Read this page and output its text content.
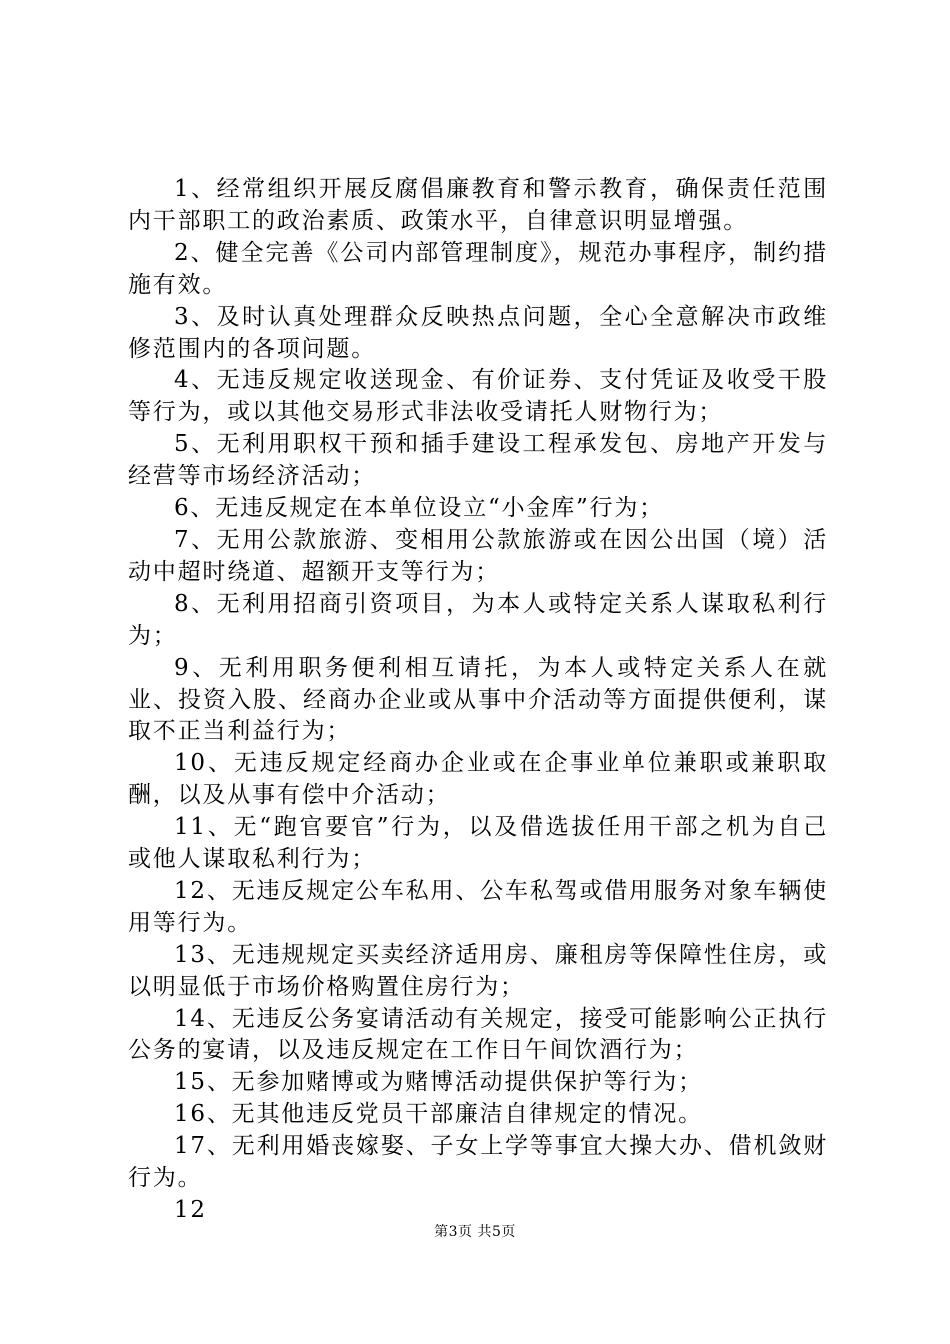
1、经常组织开展反腐倡廉教育和警示教育，确保责任范围内干部职工的政治素质、政策水平，自律意识明显增强。

2、健全完善《公司内部管理制度》，规范办事程序，制约措施有效。

3、及时认真处理群众反映热点问题，全心全意解决市政维修范围内的各项问题。

4、无违反规定收送现金、有价证券、支付凭证及收受干股等行为，或以其他交易形式非法收受请托人财物行为；

5、无利用职权干预和插手建设工程承发包、房地产开发与经营等市场经济活动；

6、无违反规定在本单位设立“小金库”行为；

7、无用公款旅游、变相用公款旅游或在因公出国（境）活动中超时绕道、超额开支等行为；

8、无利用招商引资项目，为本人或特定关系人谋取私利行为；

9、无利用职务便利相互请托，为本人或特定关系人在就业、投资入股、经商办企业或从事中介活动等方面提供便利，谋取不正当利益行为；

10、无违反规定经商办企业或在企事业单位兼职或兼职取酬，以及从事有偿中介活动；

11、无“跑官要官”行为，以及借选拔任用干部之机为自己或他人谋取私利行为；

12、无违反规定公车私用、公车私驾或借用服务对象车辆使用等行为。

13、无违规规定买卖经济适用房、廉租房等保障性住房，或以明显低于市场价格购置住房行为；

14、无违反公务宴请活动有关规定，接受可能影响公正执行公务的宴请，以及违反规定在工作日午间饮酒行为；

15、无参加赌博或为赌博活动提供保护等行为；

16、无其他违反党员干部廉洁自律规定的情况。

17、无利用婚丧嫁娶、子女上学等事宜大操大办、借机敛财行为。

12

第3页 共5页
